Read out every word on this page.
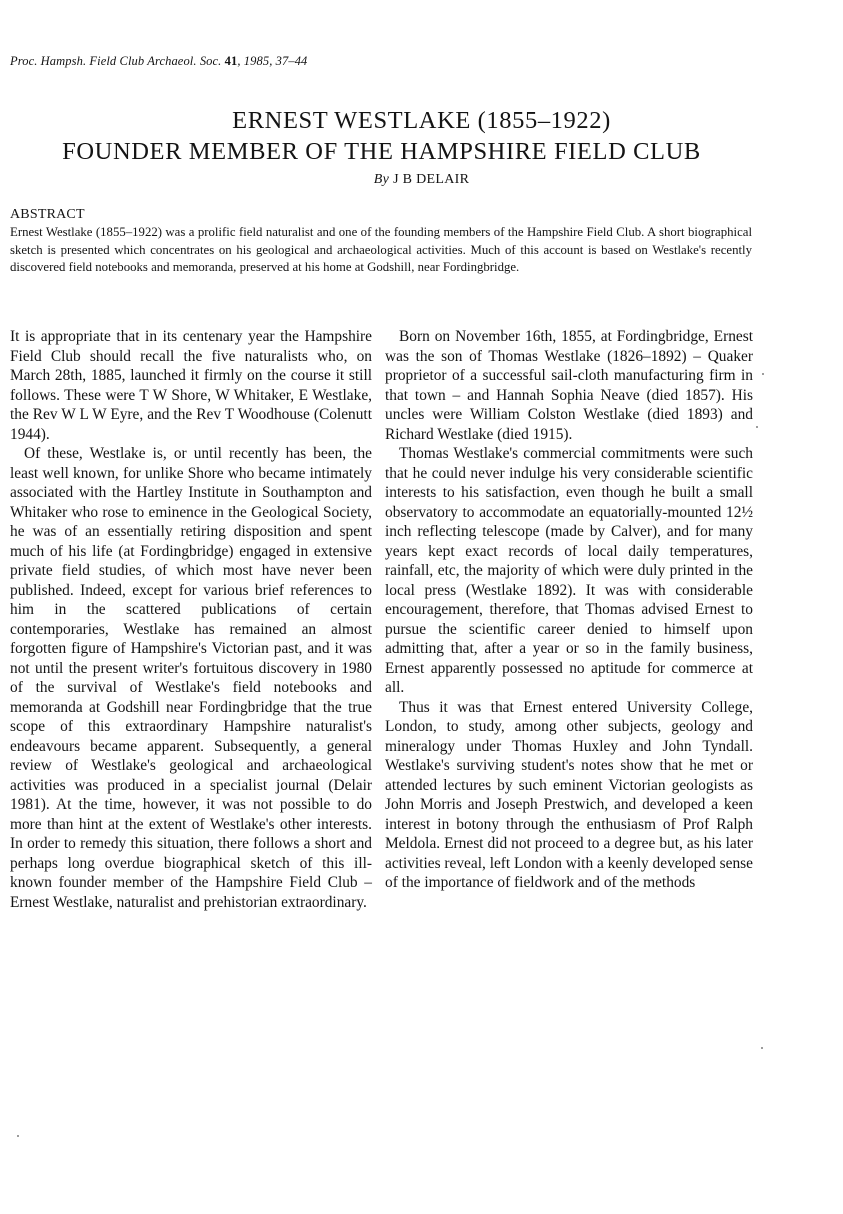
Proc. Hampsh. Field Club Archaeol. Soc. 41, 1985, 37–44
ERNEST WESTLAKE (1855–1922)
FOUNDER MEMBER OF THE HAMPSHIRE FIELD CLUB
By J B DELAIR
ABSTRACT
Ernest Westlake (1855–1922) was a prolific field naturalist and one of the founding members of the Hampshire Field Club. A short biographical sketch is presented which concentrates on his geological and archaeological activities. Much of this account is based on Westlake's recently discovered field notebooks and memoranda, preserved at his home at Godshill, near Fordingbridge.

It is appropriate that in its centenary year the Hampshire Field Club should recall the five naturalists who, on March 28th, 1885, launched it firmly on the course it still follows. These were T W Shore, W Whitaker, E Westlake, the Rev W L W Eyre, and the Rev T Woodhouse (Colenutt 1944).

Of these, Westlake is, or until recently has been, the least well known, for unlike Shore who became intimately associated with the Hartley Institute in Southampton and Whitaker who rose to eminence in the Geological Society, he was of an essentially retiring disposition and spent much of his life (at Fordingbridge) engaged in extensive private field studies, of which most have never been published. Indeed, except for various brief references to him in the scattered publications of certain contemporaries, Westlake has remained an almost forgotten figure of Hampshire's Victorian past, and it was not until the present writer's fortuitous discovery in 1980 of the survival of Westlake's field notebooks and memoranda at Godshill near Fordingbridge that the true scope of this extraordinary Hampshire naturalist's endeavours became apparent. Subsequently, a general review of Westlake's geological and archaeological activities was produced in a specialist journal (Delair 1981). At the time, however, it was not possible to do more than hint at the extent of Westlake's other interests. In order to remedy this situation, there follows a short and perhaps long overdue biographical sketch of this ill-known founder member of the Hampshire Field Club – Ernest Westlake, naturalist and prehistorian extraordinary.

Born on November 16th, 1855, at Fordingbridge, Ernest was the son of Thomas Westlake (1826–1892) – Quaker proprietor of a successful sail-cloth manufacturing firm in that town – and Hannah Sophia Neave (died 1857). His uncles were William Colston Westlake (died 1893) and Richard Westlake (died 1915).

Thomas Westlake's commercial commitments were such that he could never indulge his very considerable scientific interests to his satisfaction, even though he built a small observatory to accommodate an equatorially-mounted 12½ inch reflecting telescope (made by Calver), and for many years kept exact records of local daily temperatures, rainfall, etc, the majority of which were duly printed in the local press (Westlake 1892). It was with considerable encouragement, therefore, that Thomas advised Ernest to pursue the scientific career denied to himself upon admitting that, after a year or so in the family business, Ernest apparently possessed no aptitude for commerce at all.

Thus it was that Ernest entered University College, London, to study, among other subjects, geology and mineralogy under Thomas Huxley and John Tyndall. Westlake's surviving student's notes show that he met or attended lectures by such eminent Victorian geologists as John Morris and Joseph Prestwich, and developed a keen interest in botony through the enthusiasm of Prof Ralph Meldola. Ernest did not proceed to a degree but, as his later activities reveal, left London with a keenly developed sense of the importance of fieldwork and of the methods
